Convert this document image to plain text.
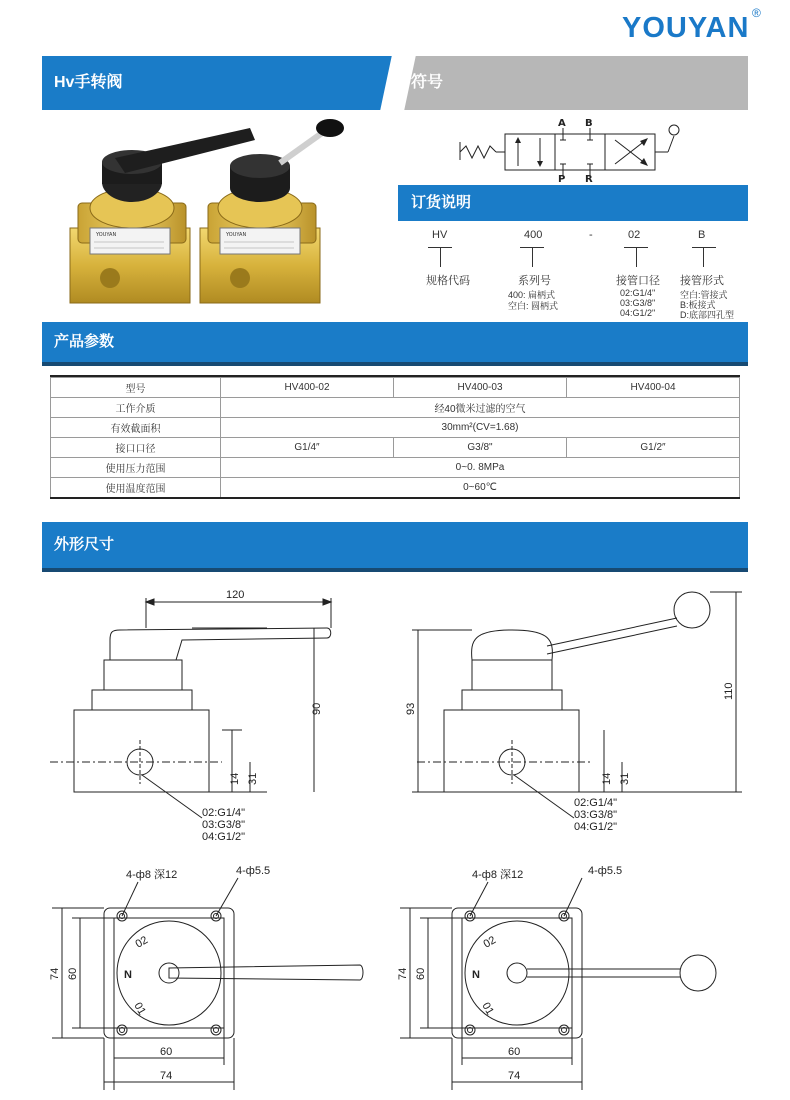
YOUYAN ®
Hv手转阀	符号
YOUYAN	YOUYAN
A B
P R
订货说明
HV	400	-	02	B
规格代码	系列号
400: 扁柄式
空白: 圆柄式
接管口径
02:G1/4"
03:G3/8"
04:G1/2"
接管形式
空白:管接式
B:板接式
D:底部四孔型
产品参数
型号	HV400-02	HV400-03	HV400-04
工作介质	经40微米过滤的空气		
有效截面积	30mm²(CV=1.68)		
接口口径	G1/4″	G3/8"	G1/2″
使用压力范围	0~0. 8MPa		
使用温度范围	0~60℃		
外形尺寸
120
90
31
14
02:G1/4"
03:G3/8"
04:G1/2"
93
110
31
14
02:G1/4"
03:G3/8"
04:G1/2"
4-ф8 深12	4-ф5.5
74 60
60
74
N
02
01
4-ф8 深12	4-ф5.5
74 60
60
74
N
02
01
